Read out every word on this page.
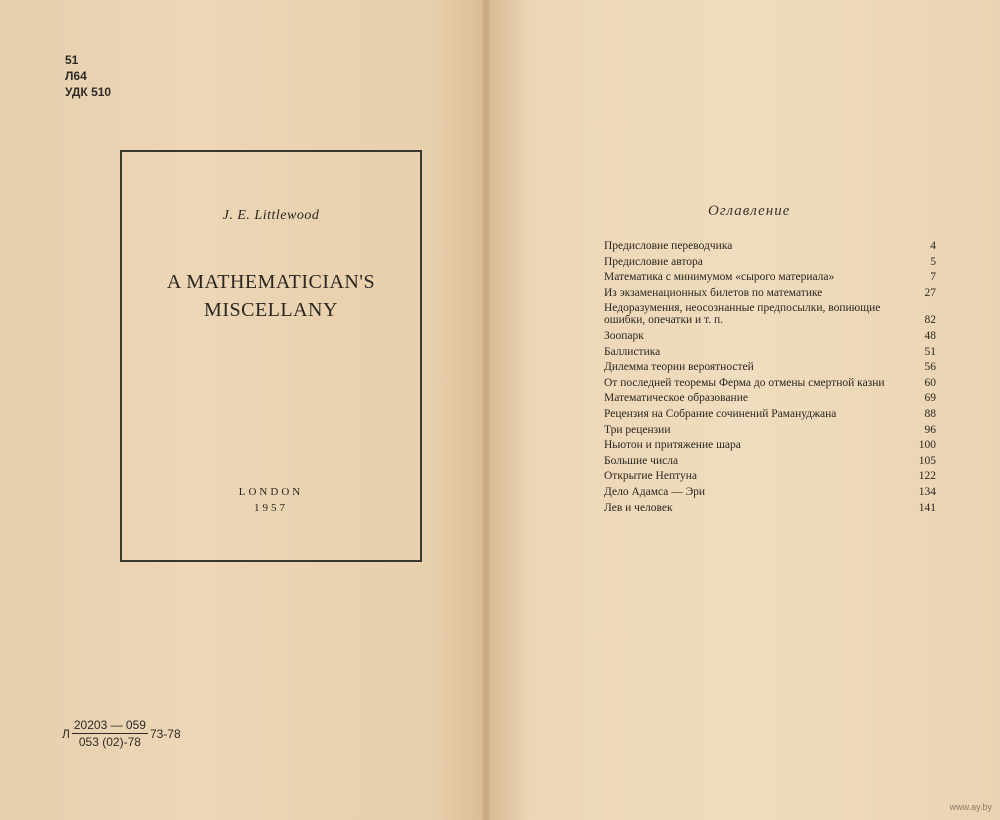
51
Л64
УДК 510
J. E. Littlewood
A MATHEMATICIAN'S
MISCELLANY
LONDON
1957
Л $\frac{20203 — 059}{053 (02)-78} 73-78$
Оглавление
Предисловие переводчика	4
Предисловие автора	5
Математика с минимумом «сырого материала»	7
Из экзаменационных билетов по математике	27
Недоразумения, неосознанные предпосылки, вопиющие ошибки, опечатки и т. п.	82
Зоопарк	48
Баллистика	51
Дилемма теории вероятностей	56
От последней теоремы Ферма до отмены смертной казни	60
Математическое образование	69
Рецензия на Собрание сочинений Рамануджана	88
Три рецензии	96
Ньютон и притяжение шара	100
Большие числа	105
Открытие Нептуна	122
Дело Адамса — Эри	134
Лев и человек	141
www.ay.by
